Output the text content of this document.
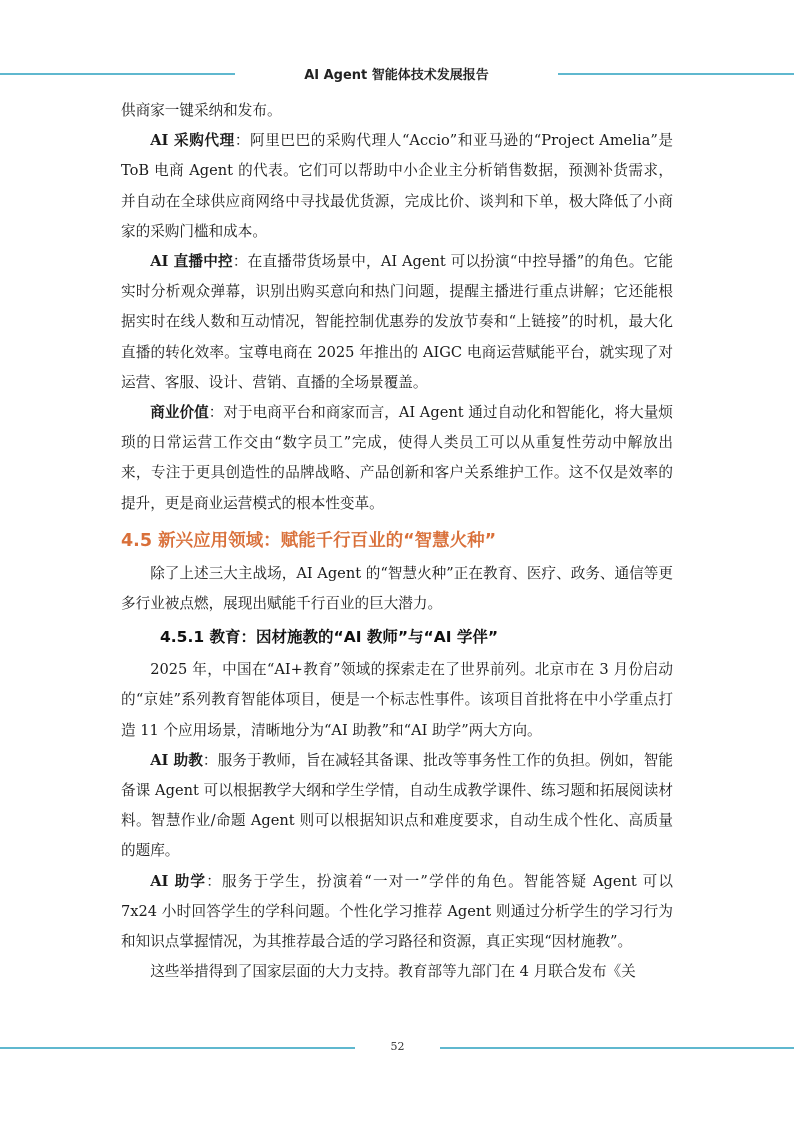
AI Agent 智能体技术发展报告

供商家一键采纳和发布。

AI 采购代理：阿里巴巴的采购代理人“Accio”和亚马逊的“Project Amelia”是 ToB 电商 Agent 的代表。它们可以帮助中小企业主分析销售数据，预测补货需求，并自动在全球供应商网络中寻找最优货源，完成比价、谈判和下单，极大降低了小商家的采购门槛和成本。

AI 直播中控：在直播带货场景中，AI Agent 可以扮演“中控导播”的角色。它能实时分析观众弹幕，识别出购买意向和热门问题，提醒主播进行重点讲解；它还能根据实时在线人数和互动情况，智能控制优惠券的发放节奏和“上链接”的时机，最大化直播的转化效率。宝尊电商在 2025 年推出的 AIGC 电商运营赋能平台，就实现了对运营、客服、设计、营销、直播的全场景覆盖。

商业价值：对于电商平台和商家而言，AI Agent 通过自动化和智能化，将大量烦琐的日常运营工作交由“数字员工”完成，使得人类员工可以从重复性劳动中解放出来，专注于更具创造性的品牌战略、产品创新和客户关系维护工作。这不仅是效率的提升，更是商业运营模式的根本性变革。

4.5 新兴应用领域：赋能千行百业的“智慧火种”

除了上述三大主战场，AI Agent 的“智慧火种”正在教育、医疗、政务、通信等更多行业被点燃，展现出赋能千行百业的巨大潜力。

4.5.1 教育：因材施教的“AI 教师”与“AI 学伴”

2025 年，中国在“AI+教育”领域的探索走在了世界前列。北京市在 3 月份启动的“京娃”系列教育智能体项目，便是一个标志性事件。该项目首批将在中小学重点打造 11 个应用场景，清晰地分为“AI 助教”和“AI 助学”两大方向。

AI 助教：服务于教师，旨在减轻其备课、批改等事务性工作的负担。例如，智能备课 Agent 可以根据教学大纲和学生学情，自动生成教学课件、练习题和拓展阅读材料。智慧作业/命题 Agent 则可以根据知识点和难度要求，自动生成个性化、高质量的题库。

AI 助学：服务于学生，扮演着“一对一”学伴的角色。智能答疑 Agent 可以 7x24 小时回答学生的学科问题。个性化学习推荐 Agent 则通过分析学生的学习行为和知识点掌握情况，为其推荐最合适的学习路径和资源，真正实现“因材施教”。

这些举措得到了国家层面的大力支持。教育部等九部门在 4 月联合发布《关

52
